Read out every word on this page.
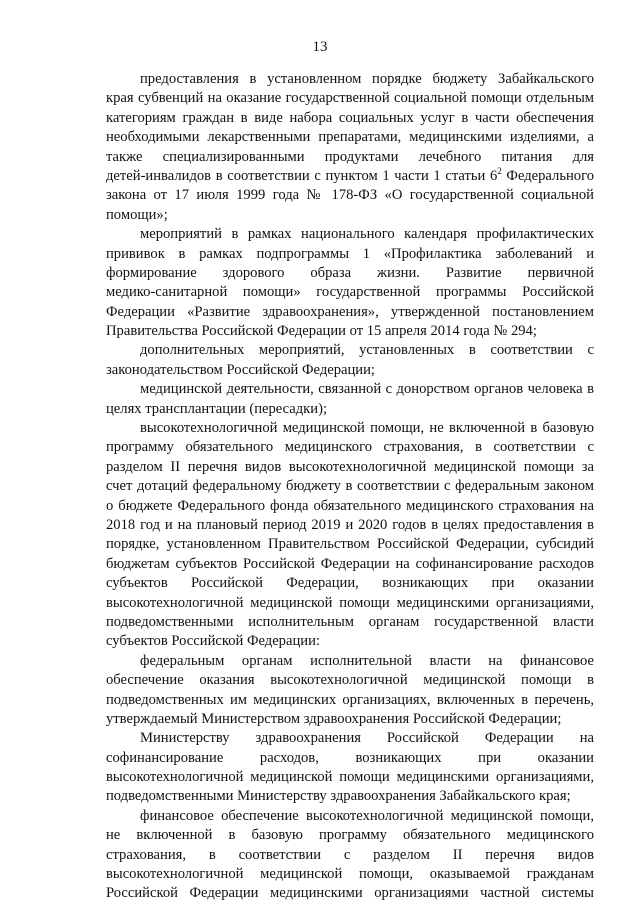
13
предоставления в установленном порядке бюджету Забайкальского
края субвенций на оказание государственной социальной помощи отдельным
категориям граждан в виде набора социальных услуг в части обеспечения
необходимыми лекарственными препаратами, медицинскими изделиями, а
также специализированными продуктами лечебного питания для
детей-инвалидов в соответствии с пунктом 1 части 1 статьи $6^2$ Федерального
закона от 17 июля 1999 года № 178-ФЗ «О государственной социальной
помощи»;
мероприятий в рамках национального календаря профилактических
прививок в рамках подпрограммы 1 «Профилактика заболеваний и
формирование здорового образа жизни. Развитие первичной
медико-санитарной помощи» государственной программы Российской
Федерации «Развитие здравоохранения», утвержденной постановлением
Правительства Российской Федерации от 15 апреля 2014 года № 294;
дополнительных мероприятий, установленных в соответствии с
законодательством Российской Федерации;
медицинской деятельности, связанной с донорством органов человека в
целях трансплантации (пересадки);
высокотехнологичной медицинской помощи, не включенной в базовую
программу обязательного медицинского страхования, в соответствии с
разделом II перечня видов высокотехнологичной медицинской помощи за
счет дотаций федеральному бюджету в соответствии с федеральным законом
о бюджете Федерального фонда обязательного медицинского страхования на
2018 год и на плановый период 2019 и 2020 годов в целях предоставления в
порядке, установленном Правительством Российской Федерации, субсидий
бюджетам субъектов Российской Федерации на софинансирование расходов
субъектов Российской Федерации, возникающих при оказании
высокотехнологичной медицинской помощи медицинскими организациями,
подведомственными исполнительным органам государственной власти
субъектов Российской Федерации:
федеральным органам исполнительной власти на финансовое
обеспечение оказания высокотехнологичной медицинской помощи в
подведомственных им медицинских организациях, включенных в перечень,
утверждаемый Министерством здравоохранения Российской Федерации;
Министерству здравоохранения Российской Федерации на
софинансирование расходов, возникающих при оказании
высокотехнологичной медицинской помощи медицинскими организациями,
подведомственными Министерству здравоохранения Забайкальского края;
финансовое обеспечение высокотехнологичной медицинской помощи,
не включенной в базовую программу обязательного медицинского
страхования, в соответствии с разделом II перечня видов
высокотехнологичной медицинской помощи, оказываемой гражданам
Российской Федерации медицинскими организациями частной системы
